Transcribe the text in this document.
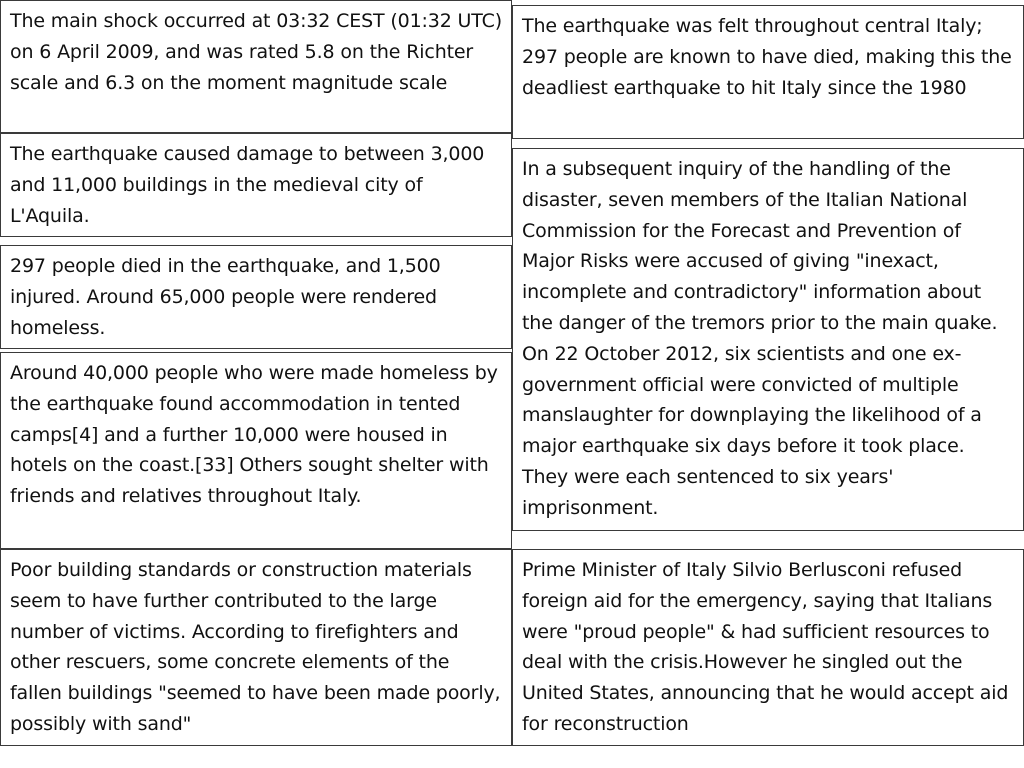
The main shock occurred at 03:32 CEST (01:32 UTC) on 6 April 2009, and was rated 5.8 on the Richter scale and 6.3 on the moment magnitude scale

The earthquake was felt throughout central Italy; 297 people are known to have died, making this the deadliest earthquake to hit Italy since the 1980

The earthquake caused damage to between 3,000 and 11,000 buildings in the medieval city of L'Aquila.

297 people died in the earthquake, and 1,500 injured. Around 65,000 people were rendered homeless.

In a subsequent inquiry of the handling of the disaster, seven members of the Italian National Commission for the Forecast and Prevention of Major Risks were accused of giving "inexact, incomplete and contradictory" information about the danger of the tremors prior to the main quake. On 22 October 2012, six scientists and one ex-government official were convicted of multiple manslaughter for downplaying the likelihood of a major earthquake six days before it took place. They were each sentenced to six years' imprisonment.

Around 40,000 people who were made homeless by the earthquake found accommodation in tented camps[4] and a further 10,000 were housed in hotels on the coast.[33] Others sought shelter with friends and relatives throughout Italy.

Poor building standards or construction materials seem to have further contributed to the large number of victims. According to firefighters and other rescuers, some concrete elements of the fallen buildings "seemed to have been made poorly, possibly with sand"

Prime Minister of Italy Silvio Berlusconi refused foreign aid for the emergency, saying that Italians were "proud people" & had sufficient resources to deal with the crisis.However he singled out the United States, announcing that he would accept aid for reconstruction
